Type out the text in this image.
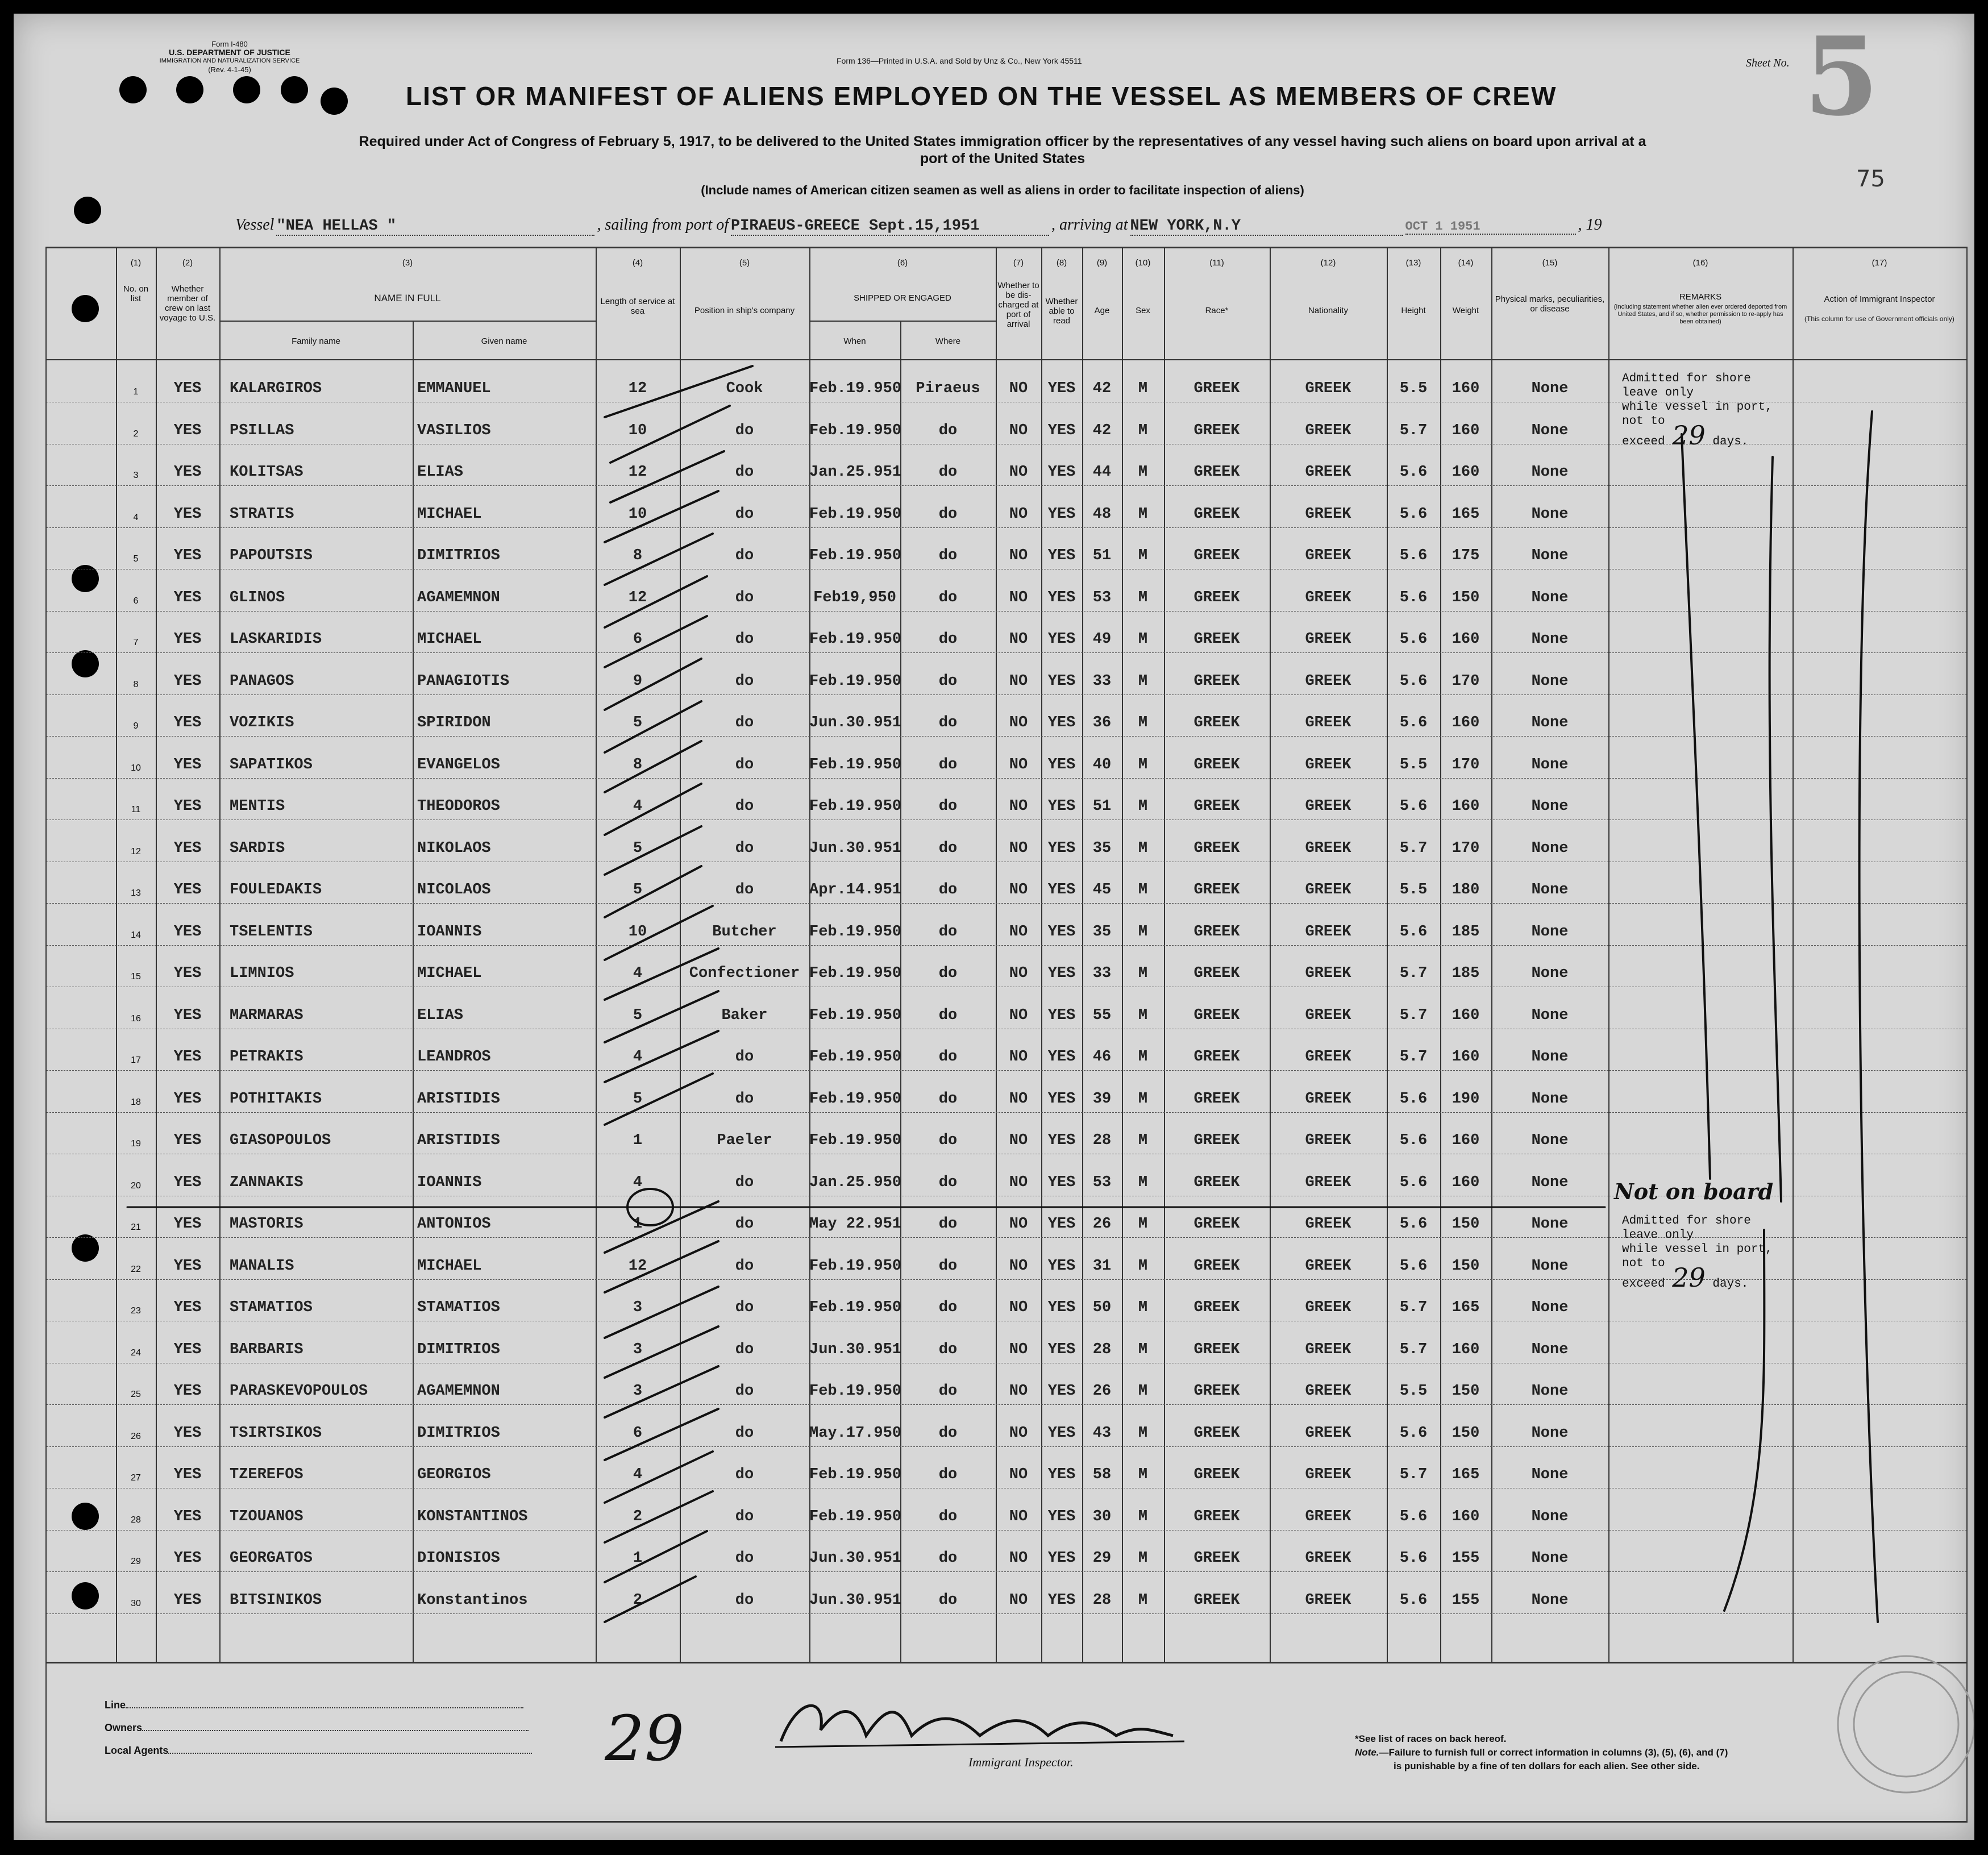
Form I-480
U.S. DEPARTMENT OF JUSTICE
IMMIGRATION AND NATURALIZATION SERVICE
(Rev. 4-1-45)
Form 136—Printed in U.S.A. and Sold by Unz & Co., New York 45511	Sheet No. 5
LIST OR MANIFEST OF ALIENS EMPLOYED ON THE VESSEL AS MEMBERS OF CREW
Required under Act of Congress of February 5, 1917, to be delivered to the United States immigration officer by the representatives of any vessel having such aliens on board upon arrival at a
port of the United States
(Include names of American citizen seamen as well as aliens in order to facilitate inspection of aliens)	75
Vessel "NEA HELLAS "	, sailing from port of PIRAEUS-GREECE Sept.15,1951	, arriving at NEW YORK,N.Y	OCT 1 1951	, 19
(1)	(2)	(3)	(4)	(5)	(6)	(7)	(8)	(9)	(10)	(11)	(12)	(13)	(14)	(15)	(16)	(17)
No. on list
Whether member of crew on last voyage to U.S.
NAME IN FULL
Family name	Given name
Length of service at sea	Position in ship's company
SHIPPED OR ENGAGED
When	Where
Whether to be dis-charged at port of arrival
Whether able to read
Age	Sex	Race*	Nationality	Height	Weight
Physical marks, peculiarities, or disease
REMARKS
(Including statement whether alien ever ordered deported from United States, and if so, whether permission to re-apply has been obtained)
Action of Immigrant Inspector
(This column for use of Government officials only)
1	YES	KALARGIROS	EMMANUEL	12	Cook	Feb.19.950 Piraeus	NO	YES	42	M	GREEK	GREEK	5.5	160	None
2	YES	PSILLAS	VASILIOS	10	do	Feb.19.950	do	NO	YES	42	M	GREEK	GREEK	5.7	160	None
3	YES	KOLITSAS	ELIAS	12	do	Jan.25.951	do	NO	YES	44	M	GREEK	GREEK	5.6	160	None
4	YES	STRATIS	MICHAEL	10	do	Feb.19.950	do	NO	YES	48	M	GREEK	GREEK	5.6	165	None
5	YES	PAPOUTSIS	DIMITRIOS	8	do	Feb.19.950	do	NO	YES	51	M	GREEK	GREEK	5.6	175	None
6	YES	GLINOS	AGAMEMNON	12	do	Feb19,950	do	NO	YES	53	M	GREEK	GREEK	5.6	150	None
7	YES	LASKARIDIS	MICHAEL	6	do	Feb.19.950	do	NO	YES	49	M	GREEK	GREEK	5.6	160	None
8	YES	PANAGOS	PANAGIOTIS	9	do	Feb.19.950	do	NO	YES	33	M	GREEK	GREEK	5.6	170	None
9	YES	VOZIKIS	SPIRIDON	5	do	Jun.30.951	do	NO	YES	36	M	GREEK	GREEK	5.6	160	None
10	YES	SAPATIKOS	EVANGELOS	8	do	Feb.19.950	do	NO	YES	40	M	GREEK	GREEK	5.5	170	None
11	YES	MENTIS	THEODOROS	4	do	Feb.19.950	do	NO	YES	51	M	GREEK	GREEK	5.6	160	None
12	YES	SARDIS	NIKOLAOS	5	do	Jun.30.951	do	NO	YES	35	M	GREEK	GREEK	5.7	170	None
13	YES	FOULEDAKIS	NICOLAOS	5	do	Apr.14.951	do	NO	YES	45	M	GREEK	GREEK	5.5	180	None
14	YES	TSELENTIS	IOANNIS	10	Butcher	Feb.19.950	do	NO	YES	35	M	GREEK	GREEK	5.6	185	None
15	YES	LIMNIOS	MICHAEL	4	Confectioner Feb.19.950	do	NO	YES	33	M	GREEK	GREEK	5.7	185	None
16	YES	MARMARAS	ELIAS	5	Baker	Feb.19.950	do	NO	YES	55	M	GREEK	GREEK	5.7	160	None
17	YES	PETRAKIS	LEANDROS	4	do	Feb.19.950	do	NO	YES	46	M	GREEK	GREEK	5.7	160	None
18	YES	POTHITAKIS	ARISTIDIS	5	do	Feb.19.950	do	NO	YES	39	M	GREEK	GREEK	5.6	190	None
19	YES	GIASOPOULOS	ARISTIDIS	1	Paeler	Feb.19.950	do	NO	YES	28	M	GREEK	GREEK	5.6	160	None
20	YES	ZANNAKIS	IOANNIS	4	do	Jan.25.950	do	NO	YES	53	M	GREEK	GREEK	5.6	160	None
21	YES	MASTORIS	ANTONIOS	1	do	May 22.951	do	NO	YES	26	M	GREEK	GREEK	5.6	150	None
22	YES	MANALIS	MICHAEL	12	do	Feb.19.950	do	NO	YES	31	M	GREEK	GREEK	5.6	150	None
23	YES	STAMATIOS	STAMATIOS	3	do	Feb.19.950	do	NO	YES	50	M	GREEK	GREEK	5.7	165	None
24	YES	BARBARIS	DIMITRIOS	3	do	Jun.30.951	do	NO	YES	28	M	GREEK	GREEK	5.7	160	None
25	YES	PARASKEVOPOULOS	AGAMEMNON	3	do	Feb.19.950	do	NO	YES	26	M	GREEK	GREEK	5.5	150	None
26	YES	TSIRTSIKOS	DIMITRIOS	6	do	May.17.950	do	NO	YES	43	M	GREEK	GREEK	5.6	150	None
27	YES	TZEREFOS	GEORGIOS	4	do	Feb.19.950	do	NO	YES	58	M	GREEK	GREEK	5.7	165	None
28	YES	TZOUANOS	KONSTANTINOS	2	do	Feb.19.950	do	NO	YES	30	M	GREEK	GREEK	5.6	160	None
29	YES	GEORGATOS	DIONISIOS	1	do	Jun.30.951	do	NO	YES	29	M	GREEK	GREEK	5.6	155	None
30	YES	BITSINIKOS	Konstantinos	2	do	Jun.30.951	do	NO	YES	28	M	GREEK	GREEK	5.6	155	None
Admitted for shore leave only
while vessel in port, not to
exceed 29 days.
Not on board
Admitted for shore leave only
while vessel in port, not to
exceed 29 days.
Line
Owners
Local Agents	29	Immigrant Inspector.
*See list of races on back hereof.
Note.—Failure to furnish full or correct information in columns (3), (5), (6), and (7)
is punishable by a fine of ten dollars for each alien. See other side.
